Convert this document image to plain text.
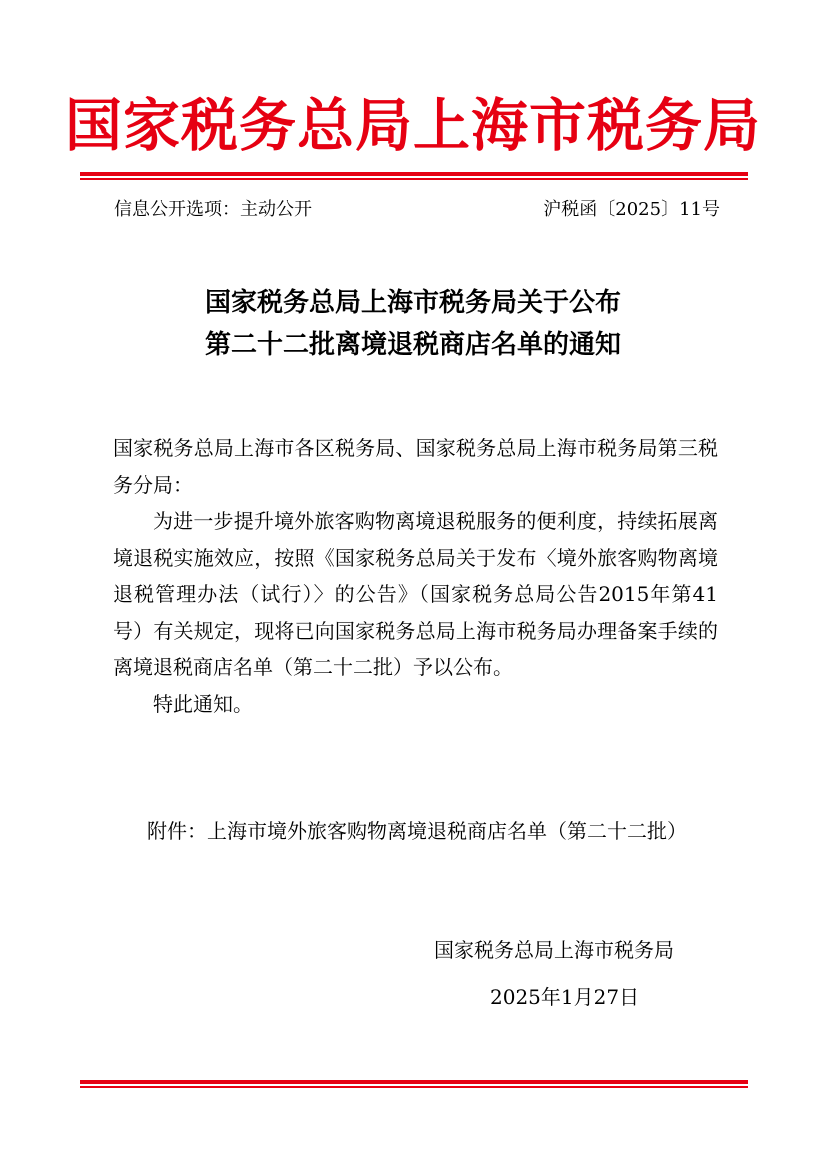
国家税务总局上海市税务局
信息公开选项：主动公开	沪税函〔2025〕11号
国家税务总局上海市税务局关于公布
第二十二批离境退税商店名单的通知

国家税务总局上海市各区税务局、国家税务总局上海市税务局第三税务分局：

为进一步提升境外旅客购物离境退税服务的便利度，持续拓展离境退税实施效应，按照《国家税务总局关于发布〈境外旅客购物离境退税管理办法（试行）〉的公告》（国家税务总局公告2015年第41号）有关规定，现将已向国家税务总局上海市税务局办理备案手续的离境退税商店名单（第二十二批）予以公布。

特此通知。

附件：上海市境外旅客购物离境退税商店名单（第二十二批）
国家税务总局上海市税务局
2025年1月27日
